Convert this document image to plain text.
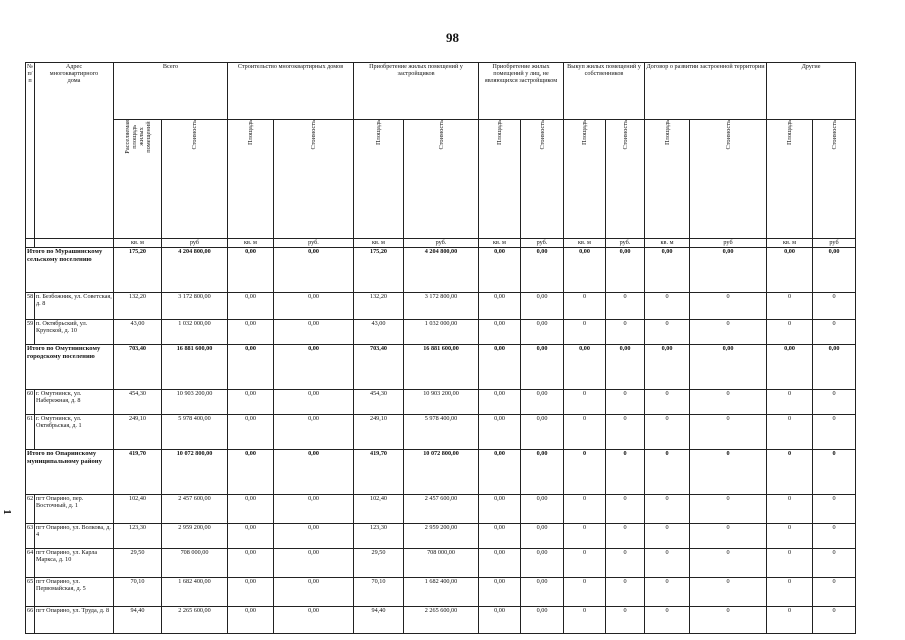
98
1
№
п/п	Адрес
многоквартирного
дома	Всего		Строительство многоквартирных домов		Приобретение жилых помещений у застройщиков		Приобретение жилых помещений у лиц, не являющихся застройщиком		Выкуп жилых помещений у собственников		Договор о развитии застроенной территории		Другие	
		Расселяемая
площадь
жилых
помещений	Стоимость	Площадь	Стоимость	Площадь	Стоимость	Площадь	Стоимость	Площадь	Стоимость	Площадь	Стоимость	Площадь	Стоимость
		кв. м	руб	кв. м	руб.	кв. м	руб.	кв. м	руб.	кв. м	руб.	кв. м	руб	кв. м	руб
Итого по Мурашинскому сельскому поселению		175,20	4 204 800,00	0,00	0,00	175,20	4 204 800,00	0,00	0,00	0,00	0,00	0,00	0,00	0,00	0,00
58	п. Безбожник, ул. Советская, д. 8	132,20	3 172 800,00	0,00	0,00	132,20	3 172 800,00	0,00	0,00	0	0	0	0	0	0
59	п. Октябрьский, ул. Крупской, д. 10	43,00	1 032 000,00	0,00	0,00	43,00	1 032 000,00	0,00	0,00	0	0	0	0	0	0
Итого по Омутнинскому городскому поселению		703,40	16 881 600,00	0,00	0,00	703,40	16 881 600,00	0,00	0,00	0,00	0,00	0,00	0,00	0,00	0,00
60	г. Омутнинск, ул. Набережная, д. 8	454,30	10 903 200,00	0,00	0,00	454,30	10 903 200,00	0,00	0,00	0	0	0	0	0	0
61	г. Омутнинск, ул. Октябрьская, д. 1	249,10	5 978 400,00	0,00	0,00	249,10	5 978 400,00	0,00	0,00	0	0	0	0	0	0
Итого по Опаринскому муниципальному району		419,70	10 072 800,00	0,00	0,00	419,70	10 072 800,00	0,00	0,00	0	0	0	0	0	0
62	пгт Опарино, пер. Восточный, д. 1	102,40	2 457 600,00	0,00	0,00	102,40	2 457 600,00	0,00	0,00	0	0	0	0	0	0
63	пгт Опарино, ул. Волкова, д. 4	123,30	2 959 200,00	0,00	0,00	123,30	2 959 200,00	0,00	0,00	0	0	0	0	0	0
64	пгт Опарино, ул. Карла Маркса, д. 10	29,50	708 000,00	0,00	0,00	29,50	708 000,00	0,00	0,00	0	0	0	0	0	0
65	пгт Опарино, ул. Первомайская, д. 5	70,10	1 682 400,00	0,00	0,00	70,10	1 682 400,00	0,00	0,00	0	0	0	0	0	0
66	пгт Опарино, ул. Труда, д. 8	94,40	2 265 600,00	0,00	0,00	94,40	2 265 600,00	0,00	0,00	0	0	0	0	0	0
